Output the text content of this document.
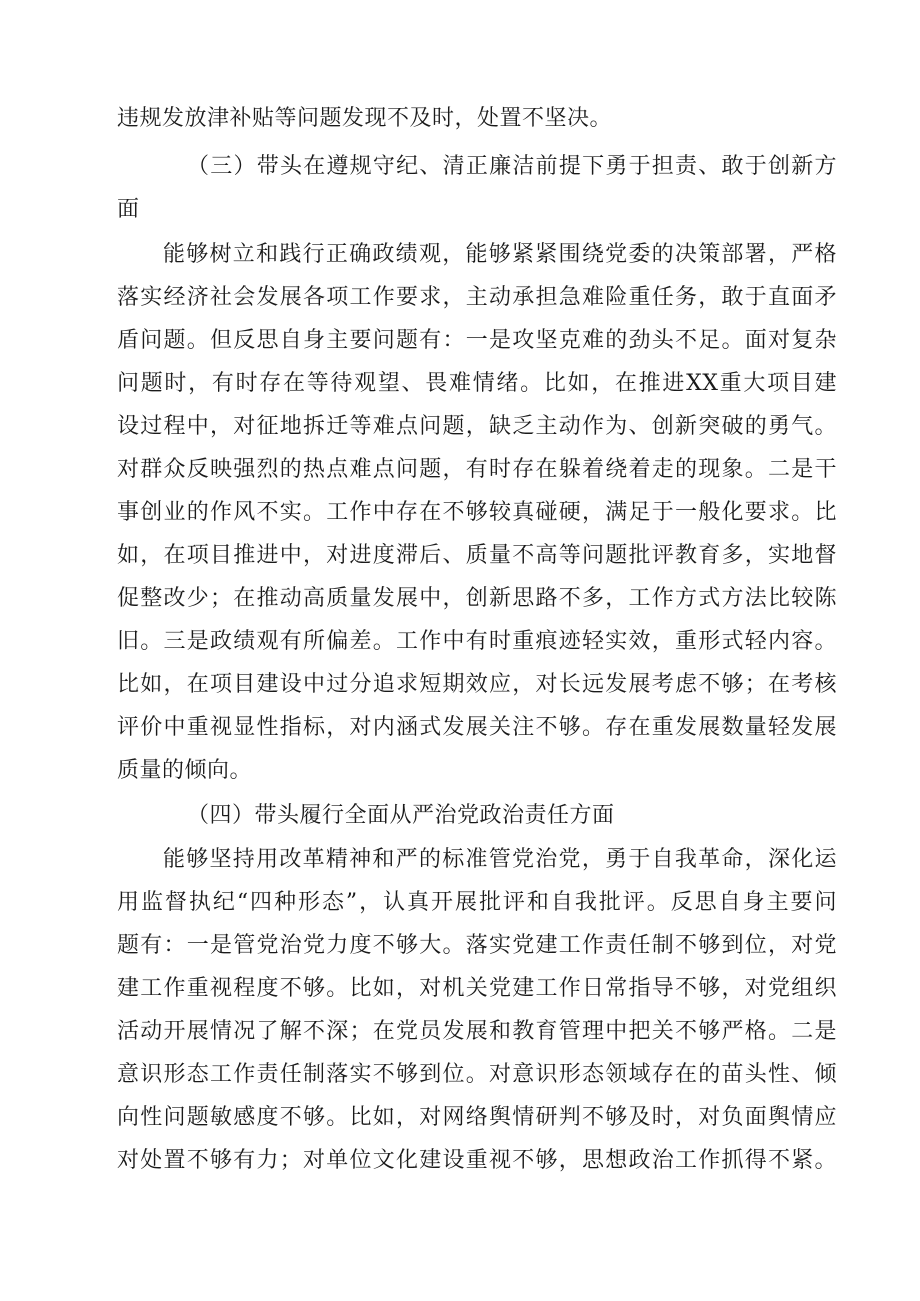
违规发放津补贴等问题发现不及时，处置不坚决。
（三）带头在遵规守纪、清正廉洁前提下勇于担责、敢于创新方
面
能够树立和践行正确政绩观，能够紧紧围绕党委的决策部署，严格
落实经济社会发展各项工作要求，主动承担急难险重任务，敢于直面矛
盾问题。但反思自身主要问题有：一是攻坚克难的劲头不足。面对复杂
问题时，有时存在等待观望、畏难情绪。比如，在推进XX重大项目建
设过程中，对征地拆迁等难点问题，缺乏主动作为、创新突破的勇气。
对群众反映强烈的热点难点问题，有时存在躲着绕着走的现象。二是干
事创业的作风不实。工作中存在不够较真碰硬，满足于一般化要求。比
如，在项目推进中，对进度滞后、质量不高等问题批评教育多，实地督
促整改少；在推动高质量发展中，创新思路不多，工作方式方法比较陈
旧。三是政绩观有所偏差。工作中有时重痕迹轻实效，重形式轻内容。
比如，在项目建设中过分追求短期效应，对长远发展考虑不够；在考核
评价中重视显性指标，对内涵式发展关注不够。存在重发展数量轻发展
质量的倾向。
（四）带头履行全面从严治党政治责任方面
能够坚持用改革精神和严的标准管党治党，勇于自我革命，深化运
用监督执纪“四种形态”，认真开展批评和自我批评。反思自身主要问
题有：一是管党治党力度不够大。落实党建工作责任制不够到位，对党
建工作重视程度不够。比如，对机关党建工作日常指导不够，对党组织
活动开展情况了解不深；在党员发展和教育管理中把关不够严格。二是
意识形态工作责任制落实不够到位。对意识形态领域存在的苗头性、倾
向性问题敏感度不够。比如，对网络舆情研判不够及时，对负面舆情应
对处置不够有力；对单位文化建设重视不够，思想政治工作抓得不紧。
